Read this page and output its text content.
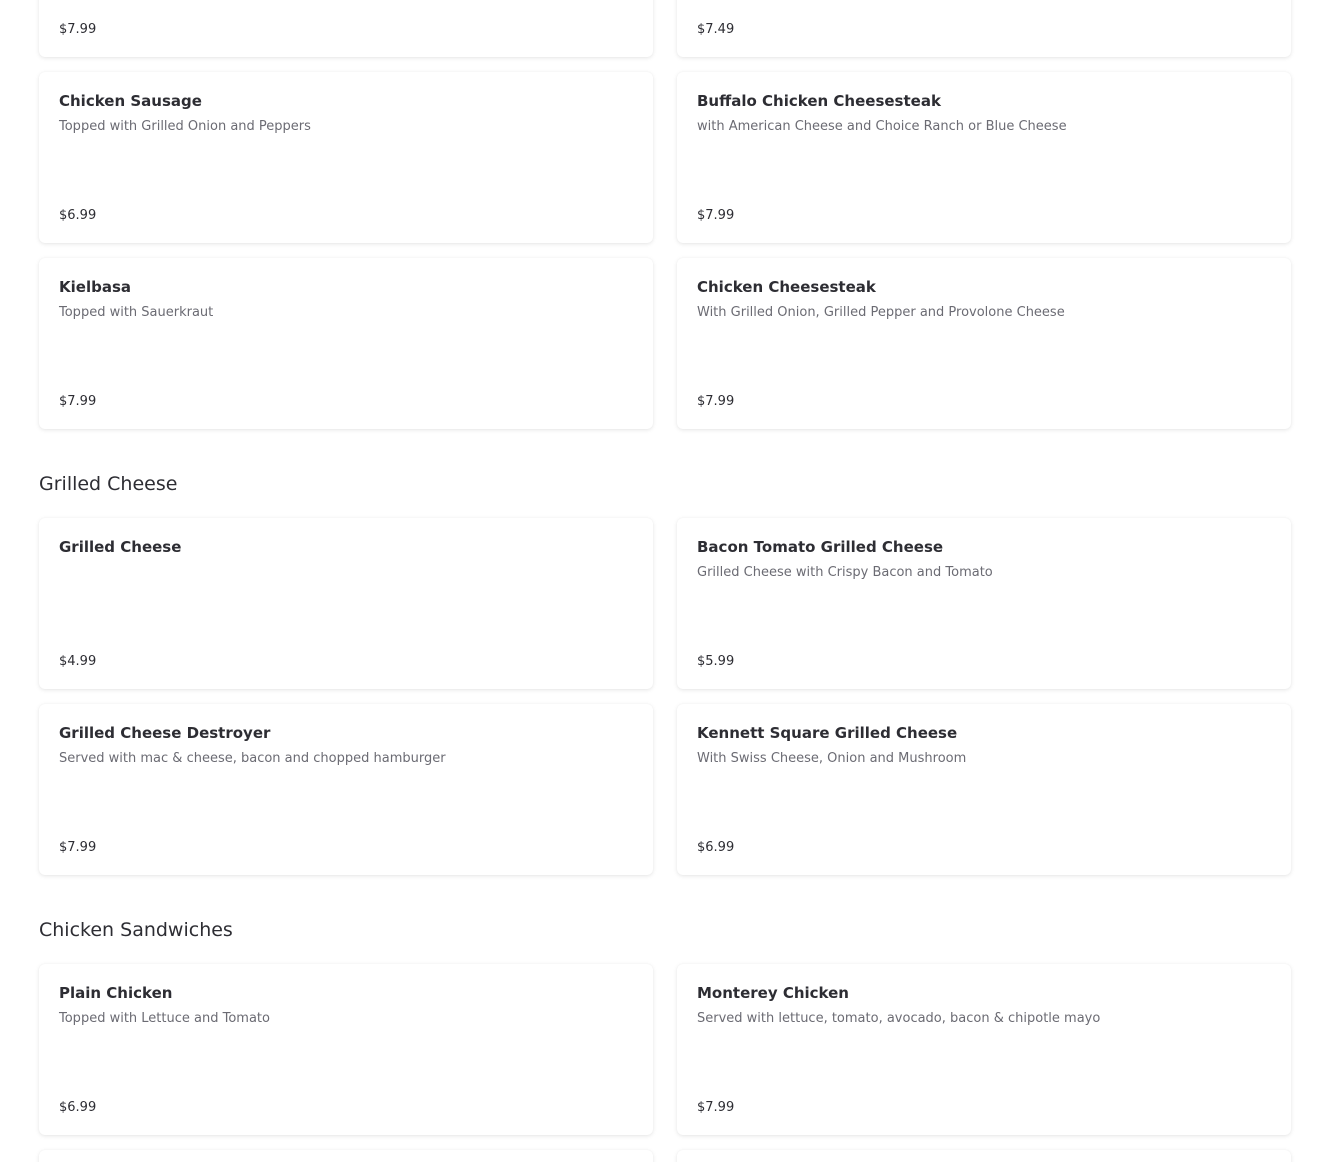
$7.99	$7.49
Chicken Sausage
Topped with Grilled Onion and Peppers
$6.99
Buffalo Chicken Cheesesteak
with American Cheese and Choice Ranch or Blue Cheese
$7.99
Kielbasa
Topped with Sauerkraut
$7.99
Chicken Cheesesteak
With Grilled Onion, Grilled Pepper and Provolone Cheese
$7.99
Grilled Cheese
Grilled Cheese
$4.99
Bacon Tomato Grilled Cheese
Grilled Cheese with Crispy Bacon and Tomato
$5.99
Grilled Cheese Destroyer
Served with mac & cheese, bacon and chopped hamburger
$7.99
Kennett Square Grilled Cheese
With Swiss Cheese, Onion and Mushroom
$6.99
Chicken Sandwiches
Plain Chicken
Topped with Lettuce and Tomato
$6.99
Monterey Chicken
Served with lettuce, tomato, avocado, bacon & chipotle mayo
$7.99
